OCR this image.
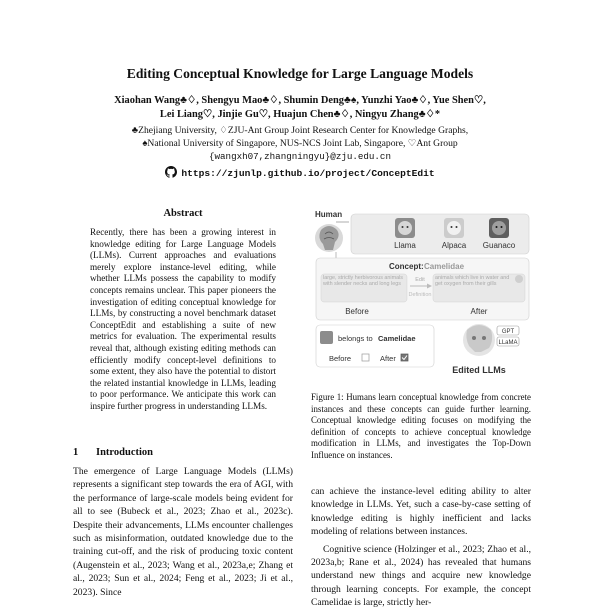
Editing Conceptual Knowledge for Large Language Models
Xiaohan Wang♣♢, Shengyu Mao♣♢, Shumin Deng♣♠, Yunzhi Yao♣♢, Yue Shen♡,
Lei Liang♡, Jinjie Gu♡, Huajun Chen♣♢, Ningyu Zhang♣♢*
♣Zhejiang University, ♢ZJU-Ant Group Joint Research Center for Knowledge Graphs,
♠National University of Singapore, NUS-NCS Joint Lab, Singapore, ♡Ant Group
{wangxh07,zhangningyu}@zju.edu.cn
https://zjunlp.github.io/project/ConceptEdit
Abstract
Recently, there has been a growing interest in knowledge editing for Large Language Models (LLMs). Current approaches and evaluations merely explore instance-level editing, while whether LLMs possess the capability to modify concepts remains unclear. This paper pioneers the investigation of editing conceptual knowledge for LLMs, by constructing a novel benchmark dataset ConceptEdit and establishing a suite of new metrics for evaluation. The experimental results reveal that, although existing editing methods can efficiently modify concept-level definitions to some extent, they also have the potential to distort the related instantial knowledge in LLMs, leading to poor performance. We anticipate this work can inspire further progress in understanding LLMs.
1 Introduction
The emergence of Large Language Models (LLMs) represents a significant step towards the era of AGI, with the performance of large-scale models being evident for all to see (Bubeck et al., 2023; Zhao et al., 2023c). Despite their advancements, LLMs encounter challenges such as misinformation, outdated knowledge due to the training cut-off, and the risk of producing toxic content (Augenstein et al., 2023; Wang et al., 2023a,e; Zhang et al., 2023; Sun et al., 2024; Feng et al., 2023; Ji et al., 2023). Since
Human
Llama	Alpaca Guanaco
Concept: Camelidae
large, strictly herbivorous animals with slender necks and long legs
Edit
Definition
animals which live in water and get oxygen from their gills
Before	After
belongs to Camelidae
Before	After
GPT
LLaMA
Edited LLMs
Figure 1: Humans learn conceptual knowledge from concrete instances and these concepts can guide further learning. Conceptual knowledge editing focuses on modifying the definition of concepts to achieve conceptual knowledge modification in LLMs, and investigates the Top-Down Influence on instances.
can achieve the instance-level editing ability to alter knowledge in LLMs. Yet, such a case-by-case setting of knowledge editing is highly inefficient and lacks modeling of relations between instances.
Cognitive science (Holzinger et al., 2023; Zhao et al., 2023a,b; Rane et al., 2024) has revealed that humans understand new things and acquire new knowledge through learning concepts. For example, the concept Camelidae is large, strictly her-
